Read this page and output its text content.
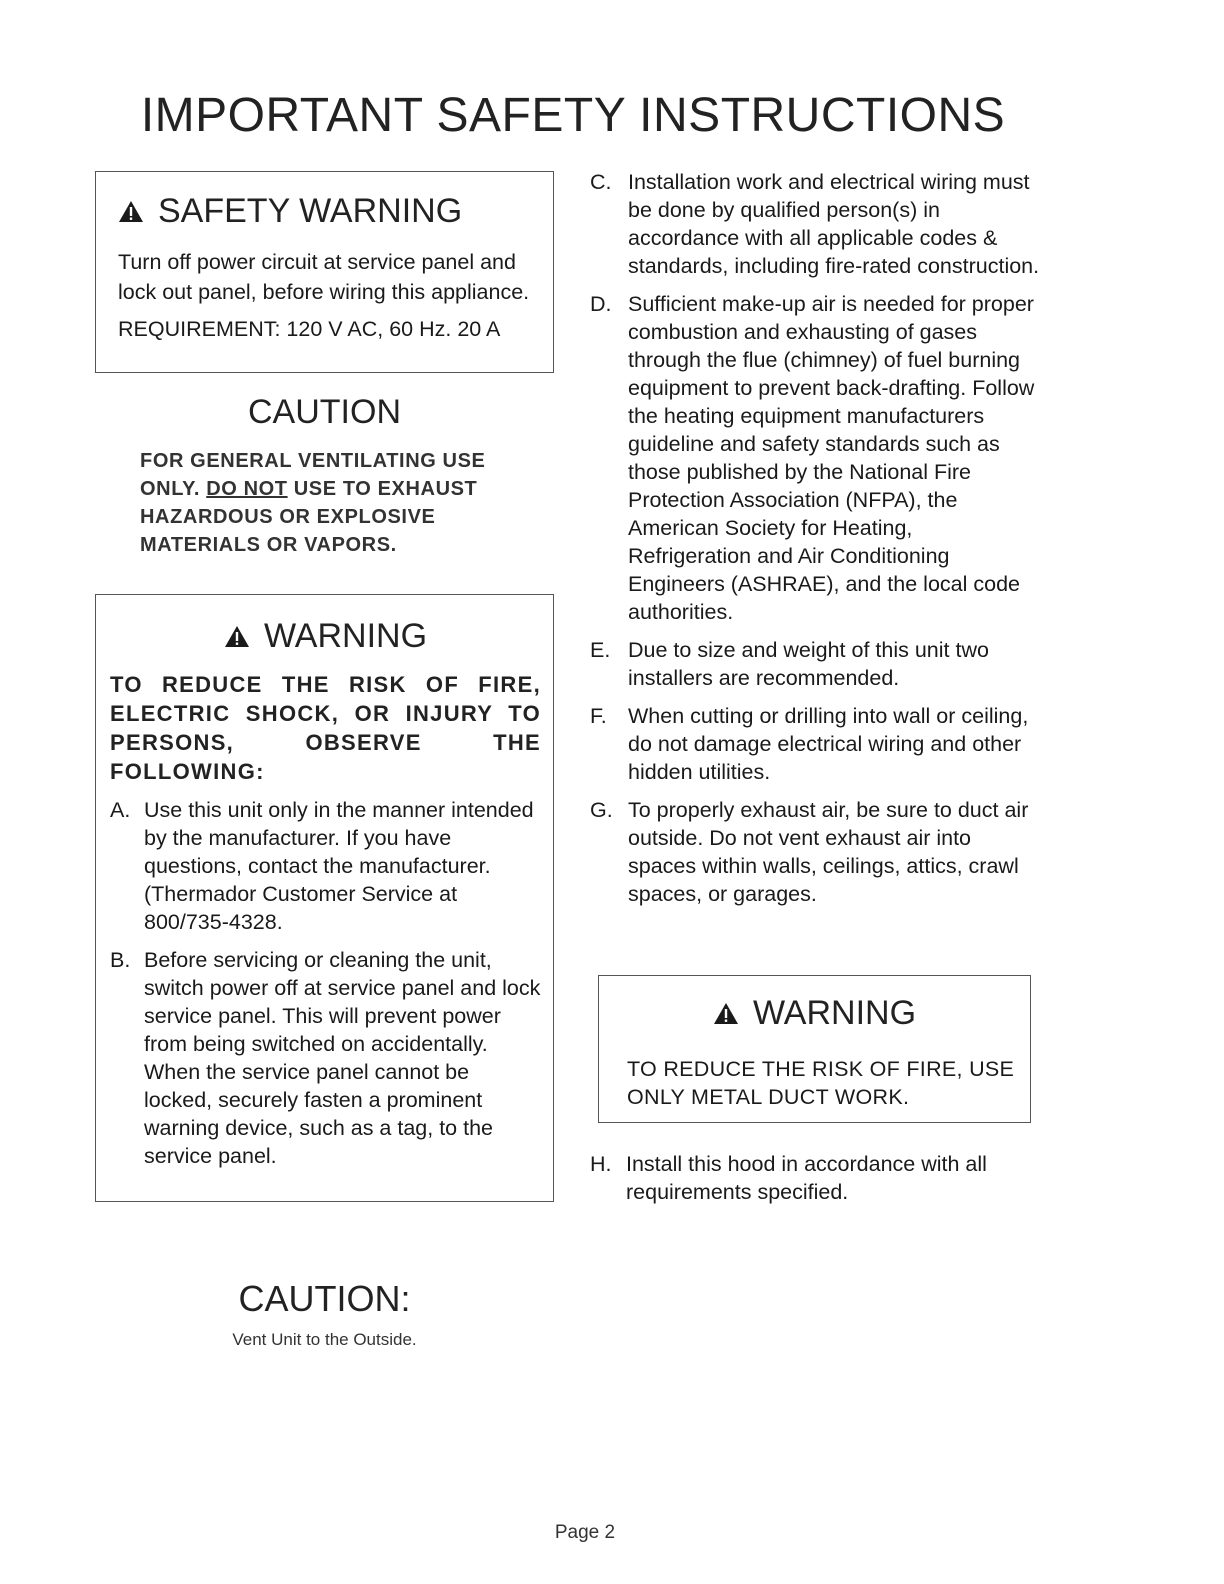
IMPORTANT SAFETY INSTRUCTIONS
SAFETY WARNING
Turn off power circuit at service panel and lock out panel, before wiring this appliance.
REQUIREMENT: 120 V AC, 60 Hz. 20 A
CAUTION
FOR GENERAL VENTILATING USE ONLY. DO NOT USE TO EXHAUST HAZARDOUS OR EXPLOSIVE MATERIALS OR VAPORS.
WARNING
TO REDUCE THE RISK OF FIRE, ELECTRIC SHOCK, OR INJURY TO PERSONS, OBSERVE THE FOLLOWING:
A. Use this unit only in the manner intended by the manufacturer. If you have questions, contact the manufacturer. (Thermador Customer Service at 800/735-4328.
B. Before servicing or cleaning the unit, switch power off at service panel and lock service panel. This will prevent power from being switched on accidentally. When the service panel cannot be locked, securely fasten a prominent warning device, such as a tag, to the service panel.
C. Installation work and electrical wiring must be done by qualified person(s) in accordance with all applicable codes & standards, including fire-rated construction.
D. Sufficient make-up air is needed for proper combustion and exhausting of gases through the flue (chimney) of fuel burning equipment to prevent back-drafting. Follow the heating equipment manufacturers guideline and safety standards such as those published by the National Fire Protection Association (NFPA), the American Society for Heating, Refrigeration and Air Conditioning Engineers (ASHRAE), and the local code authorities.
E. Due to size and weight of this unit two installers are recommended.
F. When cutting or drilling into wall or ceiling, do not damage electrical wiring and other hidden utilities.
G. To properly exhaust air, be sure to duct air outside. Do not vent exhaust air into spaces within walls, ceilings, attics, crawl spaces, or garages.
WARNING
TO REDUCE THE RISK OF FIRE, USE ONLY METAL DUCT WORK.
H. Install this hood in accordance with all requirements specified.
CAUTION:
Vent Unit to the Outside.
Page 2
